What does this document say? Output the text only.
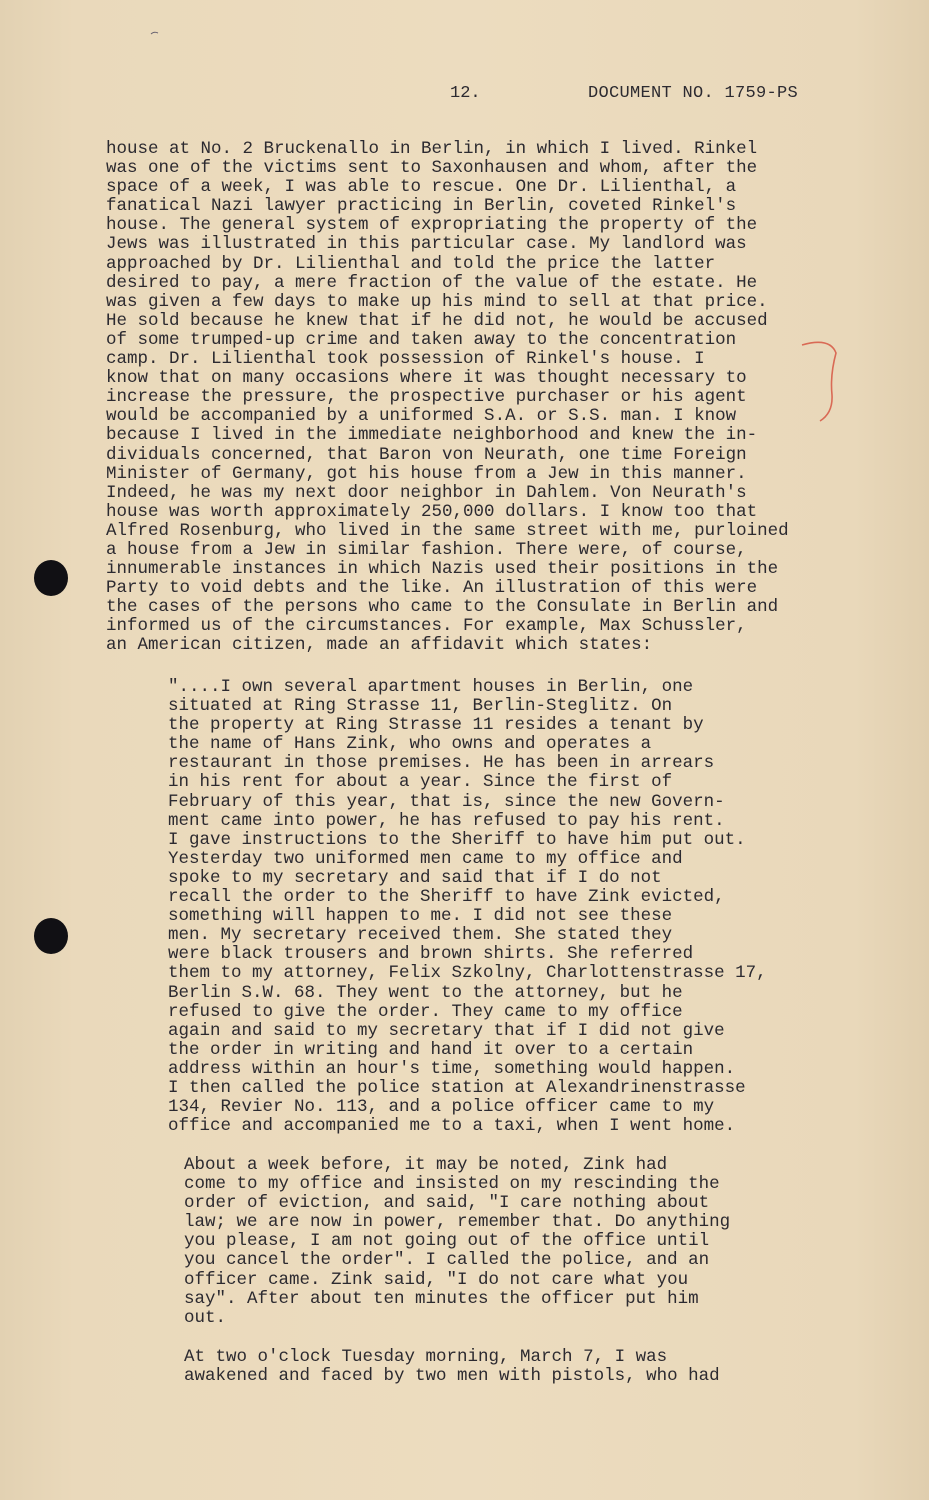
12.	DOCUMENT NO. 1759-PS
house at No. 2 Bruckenallo in Berlin, in which I lived. Rinkel
was one of the victims sent to Saxonhausen and whom, after the
space of a week, I was able to rescue. One Dr. Lilienthal, a
fanatical Nazi lawyer practicing in Berlin, coveted Rinkel's
house. The general system of expropriating the property of the
Jews was illustrated in this particular case. My landlord was
approached by Dr. Lilienthal and told the price the latter
desired to pay, a mere fraction of the value of the estate. He
was given a few days to make up his mind to sell at that price.
He sold because he knew that if he did not, he would be accused
of some trumped-up crime and taken away to the concentration
camp. Dr. Lilienthal took possession of Rinkel's house. I
know that on many occasions where it was thought necessary to
increase the pressure, the prospective purchaser or his agent
would be accompanied by a uniformed S.A. or S.S. man. I know
because I lived in the immediate neighborhood and knew the in-
dividuals concerned, that Baron von Neurath, one time Foreign
Minister of Germany, got his house from a Jew in this manner.
Indeed, he was my next door neighbor in Dahlem. Von Neurath's
house was worth approximately 250,000 dollars. I know too that
Alfred Rosenburg, who lived in the same street with me, purloined
a house from a Jew in similar fashion. There were, of course,
innumerable instances in which Nazis used their positions in the
Party to void debts and the like. An illustration of this were
the cases of the persons who came to the Consulate in Berlin and
informed us of the circumstances. For example, Max Schussler,
an American citizen, made an affidavit which states:
"....I own several apartment houses in Berlin, one
situated at Ring Strasse 11, Berlin-Steglitz. On
the property at Ring Strasse 11 resides a tenant by
the name of Hans Zink, who owns and operates a
restaurant in those premises. He has been in arrears
in his rent for about a year. Since the first of
February of this year, that is, since the new Govern-
ment came into power, he has refused to pay his rent.
I gave instructions to the Sheriff to have him put out.
Yesterday two uniformed men came to my office and
spoke to my secretary and said that if I do not
recall the order to the Sheriff to have Zink evicted,
something will happen to me. I did not see these
men. My secretary received them. She stated they
were black trousers and brown shirts. She referred
them to my attorney, Felix Szkolny, Charlottenstrasse 17,
Berlin S.W. 68. They went to the attorney, but he
refused to give the order. They came to my office
again and said to my secretary that if I did not give
the order in writing and hand it over to a certain
address within an hour's time, something would happen.
I then called the police station at Alexandrinenstrasse
134, Revier No. 113, and a police officer came to my
office and accompanied me to a taxi, when I went home.
About a week before, it may be noted, Zink had
come to my office and insisted on my rescinding the
order of eviction, and said, "I care nothing about
law; we are now in power, remember that. Do anything
you please, I am not going out of the office until
you cancel the order". I called the police, and an
officer came. Zink said, "I do not care what you
say". After about ten minutes the officer put him
out.
At two o'clock Tuesday morning, March 7, I was
awakened and faced by two men with pistols, who had
